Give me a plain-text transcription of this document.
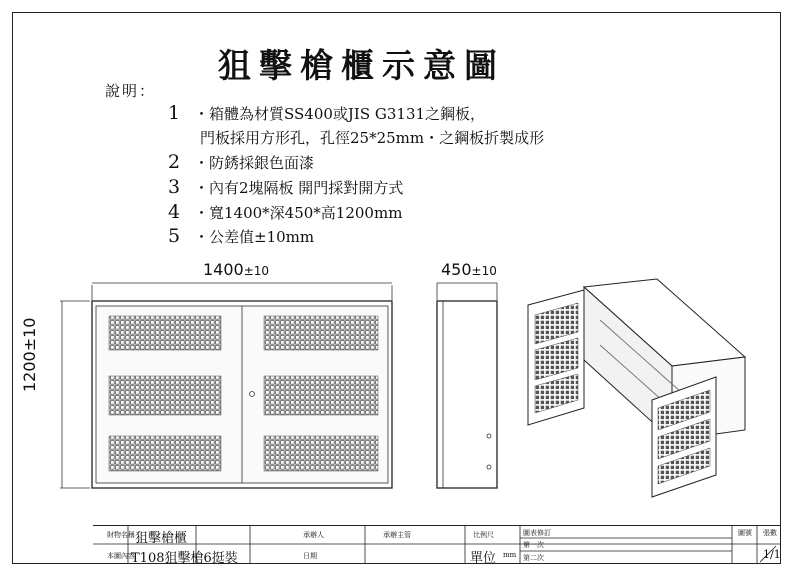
狙擊槍櫃示意圖
說明：
1 ・箱體為材質SS400或JIS G3131之鋼板，
門板採用方形孔，孔徑25*25mm・之鋼板折製成形
2 ・防銹採銀色面漆
3 ・內有2塊隔板 開門採對開方式
4 ・寬1400*深450*高1200mm
5 ・公差值±10mm
1400±10	450±10
1200±10
財物名稱 狙擊槍櫃
本圖內容
T108狙擊槍6挺裝
承辦人
日期
承辦主管	比例尺
單位 mm
圖表修訂
第一次
第二次
圖號 張數
1/1
